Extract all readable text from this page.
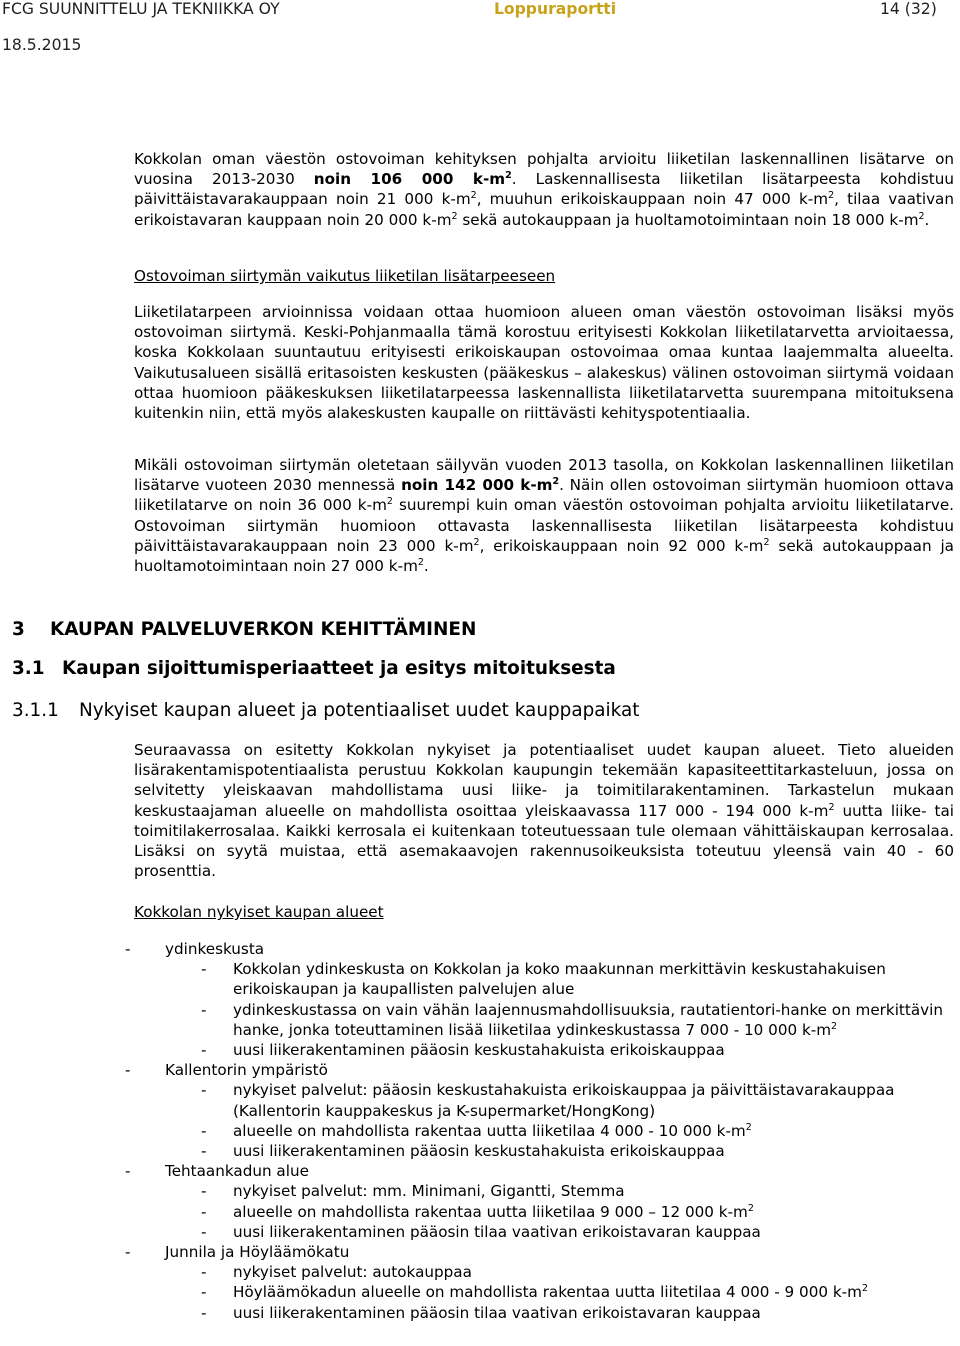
FCG SUUNNITTELU JA TEKNIIKKA OY	Loppuraportti	14 (32)
18.5.2015

Kokkolan oman väestön ostovoiman kehityksen pohjalta arvioitu liiketilan laskennallinen lisätarve on vuosina 2013-2030 noin 106 000 $k-m^2$. Laskennallisesta liiketilan lisätarpeesta kohdistuu päivittäistavarakauppaan noin 21 000 $k-m^2$, muuhun erikoiskauppaan noin 47 000 $k-m^2$, tilaa vaativan erikoistavaran kauppaan noin 20 000 $k-m^2$ sekä autokauppaan ja huoltamotoimintaan noin 18 000 $k-m^2$.

Ostovoiman siirtymän vaikutus liiketilan lisätarpeeseen

Liiketilatarpeen arvioinnissa voidaan ottaa huomioon alueen oman väestön ostovoiman lisäksi myös ostovoiman siirtymä. Keski-Pohjanmaalla tämä korostuu erityisesti Kokkolan liiketilatarvetta arvioitaessa, koska Kokkolaan suuntautuu erityisesti erikoiskaupan ostovoimaa omaa kuntaa laajemmalta alueelta. Vaikutusalueen sisällä eritasoisten keskusten (pääkeskus – alakeskus) välinen ostovoiman siirtymä voidaan ottaa huomioon pääkeskuksen liiketilatarpeessa laskennallista liiketilatarvetta suurempana mitoituksena kuitenkin niin, että myös alakeskusten kaupalle on riittävästi kehityspotentiaalia.

Mikäli ostovoiman siirtymän oletetaan säilyvän vuoden 2013 tasolla, on Kokkolan laskennallinen liiketilan lisätarve vuoteen 2030 mennessä noin 142 000 $k-m^2$. Näin ollen ostovoiman siirtymän huomioon ottava liiketilatarve on noin 36 000 $k-m^2$ suurempi kuin oman väestön ostovoiman pohjalta arvioitu liiketilatarve. Ostovoiman siirtymän huomioon ottavasta laskennallisesta liiketilan lisätarpeesta kohdistuu päivittäistavarakauppaan noin 23 000 $k-m^2$, erikoiskauppaan noin 92 000 $k-m^2$ sekä autokauppaan ja huoltamotoimintaan noin 27 000 $k-m^2$.

3 KAUPAN PALVELUVERKON KEHITTÄMINEN
3.1 Kaupan sijoittumisperiaatteet ja esitys mitoituksesta
3.1.1 Nykyiset kaupan alueet ja potentiaaliset uudet kauppapaikat

Seuraavassa on esitetty Kokkolan nykyiset ja potentiaaliset uudet kaupan alueet. Tieto alueiden lisärakentamispotentiaalista perustuu Kokkolan kaupungin tekemään kapasiteettitarkasteluun, jossa on selvitetty yleiskaavan mahdollistama uusi liike- ja toimitilarakentaminen. Tarkastelun mukaan keskustaajaman alueelle on mahdollista osoittaa yleiskaavassa 117 000 - 194 000 $k-m^2$ uutta liike- tai toimitilakerrosalaa. Kaikki kerrosala ei kuitenkaan toteutuessaan tule olemaan vähittäiskaupan kerrosalaa. Lisäksi on syytä muistaa, että asemakaavojen rakennusoikeuksista toteutuu yleensä vain 40 - 60 prosenttia.

Kokkolan nykyiset kaupan alueet

- ydinkeskusta

- Kokkolan ydinkeskusta on Kokkolan ja koko maakunnan merkittävin keskustahakuisen erikoiskaupan ja kaupallisten palvelujen alue

- ydinkeskustassa on vain vähän laajennusmahdollisuuksia, rautatientori-hanke on merkittävin hanke, jonka toteuttaminen lisää liiketilaa ydinkeskustassa 7 000 - 10 000 $k-m^2$

- uusi liikerakentaminen pääosin keskustahakuista erikoiskauppaa

- Kallentorin ympäristö

- nykyiset palvelut: pääosin keskustahakuista erikoiskauppaa ja päivittäistavarakauppaa (Kallentorin kauppakeskus ja K-supermarket/HongKong)

- alueelle on mahdollista rakentaa uutta liiketilaa 4 000 - 10 000 $k-m^2$

- uusi liikerakentaminen pääosin keskustahakuista erikoiskauppaa

- Tehtaankadun alue

- nykyiset palvelut: mm. Minimani, Gigantti, Stemma

- alueelle on mahdollista rakentaa uutta liiketilaa 9 000 – 12 000 $k-m^2$

- uusi liikerakentaminen pääosin tilaa vaativan erikoistavaran kauppaa

- Junnila ja Höyläämökatu

- nykyiset palvelut: autokauppaa

- Höyläämökadun alueelle on mahdollista rakentaa uutta liitetilaa 4 000 - 9 000 $k-m^2$

- uusi liikerakentaminen pääosin tilaa vaativan erikoistavaran kauppaa
